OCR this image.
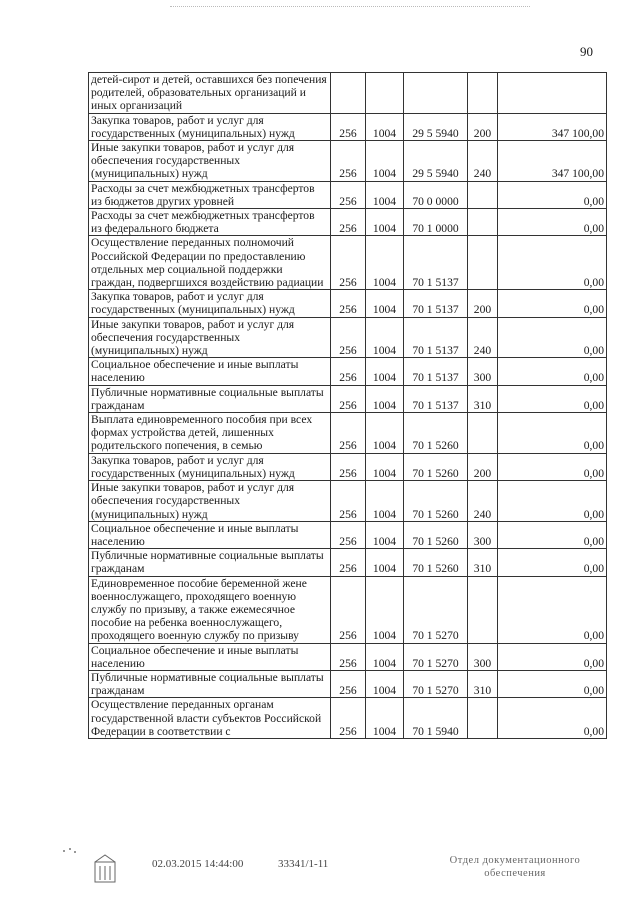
90
детей-сирот и детей, оставшихся без попечения родителей, образовательных организаций и иных организаций					
Закупка товаров, работ и услуг для государственных (муниципальных) нужд	256	1004	29 5 5940	200	347 100,00
Иные закупки товаров, работ и услуг для обеспечения государственных (муниципальных) нужд	256	1004	29 5 5940	240	347 100,00
Расходы за счет межбюджетных трансфертов из бюджетов других уровней	256	1004	70 0 0000		0,00
Расходы за счет межбюджетных трансфертов из федерального бюджета	256	1004	70 1 0000		0,00
Осуществление переданных полномочий Российской Федерации по предоставлению отдельных мер социальной поддержки граждан, подвергшихся воздействию радиации	256	1004	70 1 5137		0,00
Закупка товаров, работ и услуг для государственных (муниципальных) нужд	256	1004	70 1 5137	200	0,00
Иные закупки товаров, работ и услуг для обеспечения государственных (муниципальных) нужд	256	1004	70 1 5137	240	0,00
Социальное обеспечение и иные выплаты населению	256	1004	70 1 5137	300	0,00
Публичные нормативные социальные выплаты гражданам	256	1004	70 1 5137	310	0,00
Выплата единовременного пособия при всех формах устройства детей, лишенных родительского попечения, в семью	256	1004	70 1 5260		0,00
Закупка товаров, работ и услуг для государственных (муниципальных) нужд	256	1004	70 1 5260	200	0,00
Иные закупки товаров, работ и услуг для обеспечения государственных (муниципальных) нужд	256	1004	70 1 5260	240	0,00
Социальное обеспечение и иные выплаты населению	256	1004	70 1 5260	300	0,00
Публичные нормативные социальные выплаты гражданам	256	1004	70 1 5260	310	0,00
Единовременное пособие беременной жене военнослужащего, проходящего военную службу по призыву, а также ежемесячное пособие на ребенка военнослужащего, проходящего военную службу по призыву	256	1004	70 1 5270		0,00
Социальное обеспечение и иные выплаты населению	256	1004	70 1 5270	300	0,00
Публичные нормативные социальные выплаты гражданам	256	1004	70 1 5270	310	0,00
Осуществление переданных органам государственной власти субъектов Российской Федерации в соответствии с	256	1004	70 1 5940		0,00
02.03.2015 14:44:00	33341/1-11	Отдел документационного
обеспечения
